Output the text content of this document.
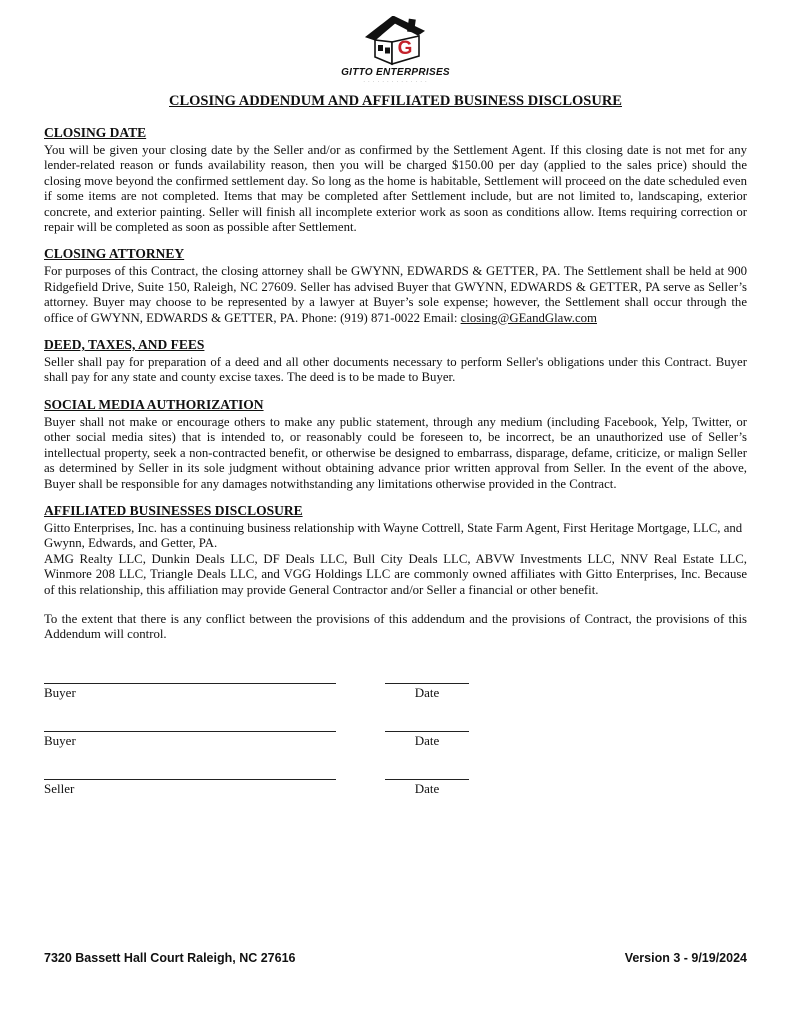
G
GITTO ENTERPRISES
· · · · · · · · · · · · · ·
CLOSING ADDENDUM AND AFFILIATED BUSINESS DISCLOSURE
CLOSING DATE

You will be given your closing date by the Seller and/or as confirmed by the Settlement Agent. If this closing date is not met for any lender-related reason or funds availability reason, then you will be charged $150.00 per day (applied to the sales price) should the closing move beyond the confirmed settlement day. So long as the home is habitable, Settlement will proceed on the date scheduled even if some items are not completed. Items that may be completed after Settlement include, but are not limited to, landscaping, exterior concrete, and exterior painting. Seller will finish all incomplete exterior work as soon as conditions allow. Items requiring correction or repair will be completed as soon as possible after Settlement.

CLOSING ATTORNEY

For purposes of this Contract, the closing attorney shall be GWYNN, EDWARDS & GETTER, PA. The Settlement shall be held at 900 Ridgefield Drive, Suite 150, Raleigh, NC 27609. Seller has advised Buyer that GWYNN, EDWARDS & GETTER, PA serve as Seller’s attorney. Buyer may choose to be represented by a lawyer at Buyer’s sole expense; however, the Settlement shall occur through the office of GWYNN, EDWARDS & GETTER, PA. Phone: (919) 871-0022 Email: closing@GEandGlaw.com

DEED, TAXES, AND FEES

Seller shall pay for preparation of a deed and all other documents necessary to perform Seller's obligations under this Contract. Buyer shall pay for any state and county excise taxes. The deed is to be made to Buyer.

SOCIAL MEDIA AUTHORIZATION

Buyer shall not make or encourage others to make any public statement, through any medium (including Facebook, Yelp, Twitter, or other social media sites) that is intended to, or reasonably could be foreseen to, be incorrect, be an unauthorized use of Seller’s intellectual property, seek a non-contracted benefit, or otherwise be designed to embarrass, disparage, defame, criticize, or malign Seller as determined by Seller in its sole judgment without obtaining advance prior written approval from Seller. In the event of the above, Buyer shall be responsible for any damages notwithstanding any limitations otherwise provided in the Contract.

AFFILIATED BUSINESSES DISCLOSURE

Gitto Enterprises, Inc. has a continuing business relationship with Wayne Cottrell, State Farm Agent, First Heritage Mortgage, LLC, and Gwynn, Edwards, and Getter, PA.

AMG Realty LLC, Dunkin Deals LLC, DF Deals LLC, Bull City Deals LLC, ABVW Investments LLC, NNV Real Estate LLC, Winmore 208 LLC, Triangle Deals LLC, and VGG Holdings LLC are commonly owned affiliates with Gitto Enterprises, Inc. Because of this relationship, this affiliation may provide General Contractor and/or Seller a financial or other benefit.

To the extent that there is any conflict between the provisions of this addendum and the provisions of Contract, the provisions of this Addendum will control.

Buyer	Date
Buyer	Date
Seller	Date
7320 Bassett Hall Court Raleigh, NC 27616	Version 3 - 9/19/2024
